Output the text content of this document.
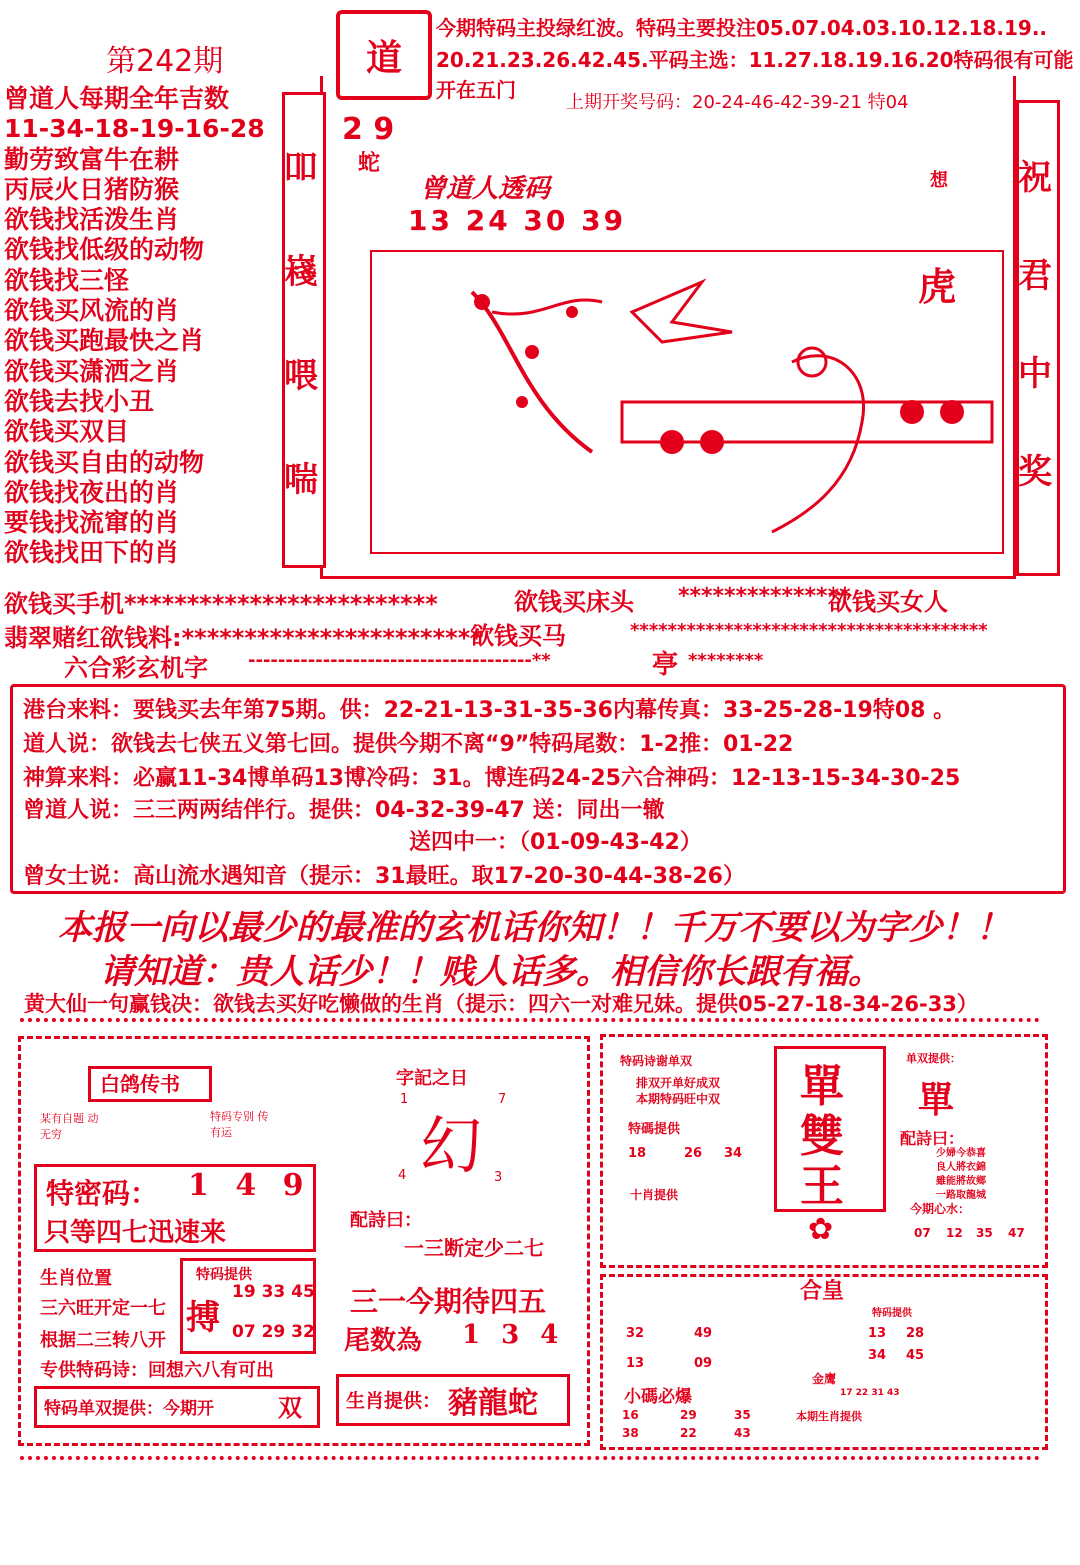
第242期	道
今期特码主投绿红波。特码主要投注05.07.04.03.10.12.18.19..
20.21.23.26.42.45.平码主选：11.27.18.19.16.20特码很有可能
开在五门
上期开奖号码：20-24-46-42-39-21 特04
曾道人每期全年吉数
11-34-18-19-16-28
勤劳致富牛在耕
丙辰火日猪防猴
欲钱找活泼生肖
欲钱找低级的动物
欲钱找三怪
欲钱买风流的肖
欲钱买跑最快之肖
欲钱买潇洒之肖
欲钱去找小丑
欲钱买双目
欲钱买自由的动物
欲钱找夜出的肖
要钱找流窜的肖
欲钱找田下的肖
吅
嶘
喂
喘
祝
君
中
奖
2 9
蛇
曾道人透码
13 24 30 39
想
虎
欲钱买手机*************************	欲钱买床头 ***************
欲钱买女人
翡翠赌红欲钱料:************************
欲钱买马	**************************************
六合彩玄机字 --------------------------------------**	亭 ********
港台来料：要钱买去年第75期。供：22-21-13-31-35-36内幕传真：33-25-28-19特08 。
道人说：欲钱去七侠五义第七回。提供今期不离“9”特码尾数：1-2推：01-22
神算来料：必赢11-34博单码13博冷码：31。博连码24-25六合神码：12-13-15-34-30-25
曾道人说：三三两两结伴行。提供：04-32-39-47 送：同出一辙
送四中一：（01-09-43-42）
曾女士说：高山流水遇知音（提示：31最旺。取17-20-30-44-38-26）
本报一向以最少的最准的玄机话你知！！千万不要以为字少！！
请知道：贵人话少！！贱人话多。相信你长跟有福。
黄大仙一句赢钱决：欲钱去买好吃懒做的生肖（提示：四六一对难兄妹。提供05-27-18-34-26-33）
白鸽传书
某有自题 动无穷
特码专别 传有运
特密码： 1 4 9
只等四七迅速来
生肖位置
三六旺开定一七
根据二三转八开
特码提供
搏
19 33 45
07 29 32
专供特码诗：回想六八有可出
特码单双提供：今期开	双
字記之日
1	7
幻
4	3
配詩曰：
一三断定少二七
三一今期待四五
尾数為 1 3 4
生肖提供： 豬龍蛇
特码诗谢单双
排双开单好成双
本期特码旺中双
特碼提供
18	26 34
十肖提供
單
雙
王
✿
单双提供：
單
配詩曰：
少婦今恭喜
良人將衣錦
雖能將故鄉
一路取龍城
今期心水：
07 12 35 47
合皇
32	49
13	09
特码提供
13 28
34 45
金鹰
17 22 31 43
小碼必爆
16	29	35
38	22	43
本期生肖提供
